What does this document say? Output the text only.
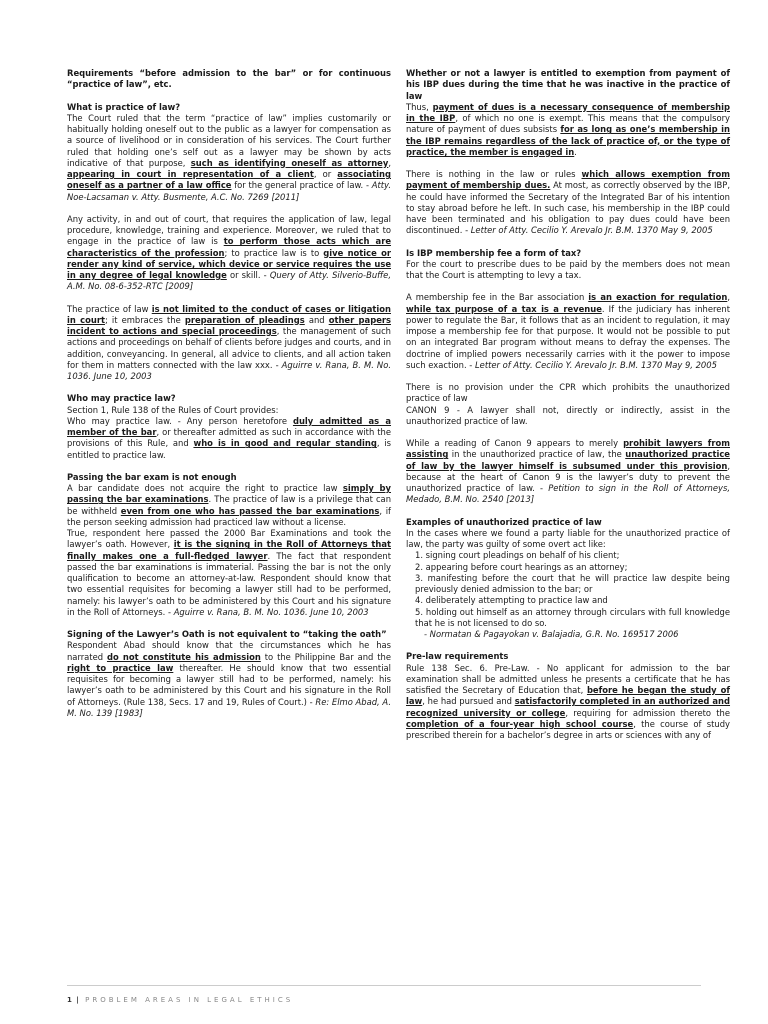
Requirements “before admission to the bar” or for continuous “practice of law”, etc.

What is practice of law?

The Court ruled that the term “practice of law” implies customarily or habitually holding oneself out to the public as a lawyer for compensation as a source of livelihood or in consideration of his services. The Court further ruled that holding one’s self out as a lawyer may be shown by acts indicative of that purpose, such as identifying oneself as attorney, appearing in court in representation of a client, or associating oneself as a partner of a law office for the general practice of law. - Atty. Noe-Lacsaman v. Atty. Busmente, A.C. No. 7269 [2011]

Any activity, in and out of court, that requires the application of law, legal procedure, knowledge, training and experience. Moreover, we ruled that to engage in the practice of law is to perform those acts which are characteristics of the profession; to practice law is to give notice or render any kind of service, which device or service requires the use in any degree of legal knowledge or skill. - Query of Atty. Silverio-Buffe, A.M. No. 08-6-352-RTC [2009]

The practice of law is not limited to the conduct of cases or litigation in court; it embraces the preparation of pleadings and other papers incident to actions and special proceedings, the management of such actions and proceedings on behalf of clients before judges and courts, and in addition, conveyancing. In general, all advice to clients, and all action taken for them in matters connected with the law xxx. - Aguirre v. Rana, B. M. No. 1036. June 10, 2003

Who may practice law?

Section 1, Rule 138 of the Rules of Court provides:

Who may practice law. - Any person heretofore duly admitted as a member of the bar, or thereafter admitted as such in accordance with the provisions of this Rule, and who is in good and regular standing, is entitled to practice law.

Passing the bar exam is not enough

A bar candidate does not acquire the right to practice law simply by passing the bar examinations. The practice of law is a privilege that can be withheld even from one who has passed the bar examinations, if the person seeking admission had practiced law without a license.

True, respondent here passed the 2000 Bar Examinations and took the lawyer’s oath. However, it is the signing in the Roll of Attorneys that finally makes one a full-fledged lawyer. The fact that respondent passed the bar examinations is immaterial. Passing the bar is not the only qualification to become an attorney-at-law. Respondent should know that two essential requisites for becoming a lawyer still had to be performed, namely: his lawyer’s oath to be administered by this Court and his signature in the Roll of Attorneys. - Aguirre v. Rana, B. M. No. 1036. June 10, 2003

Signing of the Lawyer’s Oath is not equivalent to “taking the oath”

Respondent Abad should know that the circumstances which he has narrated do not constitute his admission to the Philippine Bar and the right to practice law thereafter. He should know that two essential requisites for becoming a lawyer still had to be performed, namely: his lawyer’s oath to be administered by this Court and his signature in the Roll of Attorneys. (Rule 138, Secs. 17 and 19, Rules of Court.) - Re: Elmo Abad, A. M. No. 139 [1983]

Whether or not a lawyer is entitled to exemption from payment of his IBP dues during the time that he was inactive in the practice of law

Thus, payment of dues is a necessary consequence of membership in the IBP, of which no one is exempt. This means that the compulsory nature of payment of dues subsists for as long as one’s membership in the IBP remains regardless of the lack of practice of, or the type of practice, the member is engaged in.

There is nothing in the law or rules which allows exemption from payment of membership dues. At most, as correctly observed by the IBP, he could have informed the Secretary of the Integrated Bar of his intention to stay abroad before he left. In such case, his membership in the IBP could have been terminated and his obligation to pay dues could have been discontinued. - Letter of Atty. Cecilio Y. Arevalo Jr. B.M. 1370 May 9, 2005

Is IBP membership fee a form of tax?

For the court to prescribe dues to be paid by the members does not mean that the Court is attempting to levy a tax.

A membership fee in the Bar association is an exaction for regulation, while tax purpose of a tax is a revenue. If the judiciary has inherent power to regulate the Bar, it follows that as an incident to regulation, it may impose a membership fee for that purpose. It would not be possible to put on an integrated Bar program without means to defray the expenses. The doctrine of implied powers necessarily carries with it the power to impose such exaction. - Letter of Atty. Cecilio Y. Arevalo Jr. B.M. 1370 May 9, 2005

There is no provision under the CPR which prohibits the unauthorized practice of law

CANON 9 - A lawyer shall not, directly or indirectly, assist in the unauthorized practice of law.

While a reading of Canon 9 appears to merely prohibit lawyers from assisting in the unauthorized practice of law, the unauthorized practice of law by the lawyer himself is subsumed under this provision, because at the heart of Canon 9 is the lawyer’s duty to prevent the unauthorized practice of law. - Petition to sign in the Roll of Attorneys, Medado, B.M. No. 2540 [2013]

Examples of unauthorized practice of law

In the cases where we found a party liable for the unauthorized practice of law, the party was guilty of some overt act like:

1. signing court pleadings on behalf of his client;
2. appearing before court hearings as an attorney;
3. manifesting before the court that he will practice law despite being previously denied admission to the bar; or
4. deliberately attempting to practice law and
5. holding out himself as an attorney through circulars with full knowledge that he is not licensed to do so.

- Normatan & Pagayokan v. Balajadia, G.R. No. 169517 2006

Pre-law requirements

Rule 138 Sec. 6. Pre-Law. - No applicant for admission to the bar examination shall be admitted unless he presents a certificate that he has satisfied the Secretary of Education that, before he began the study of law, he had pursued and satisfactorily completed in an authorized and recognized university or college, requiring for admission thereto the completion of a four-year high school course, the course of study prescribed therein for a bachelor’s degree in arts or sciences with any of

1 | PROBLEM AREAS IN LEGAL ETHICS
